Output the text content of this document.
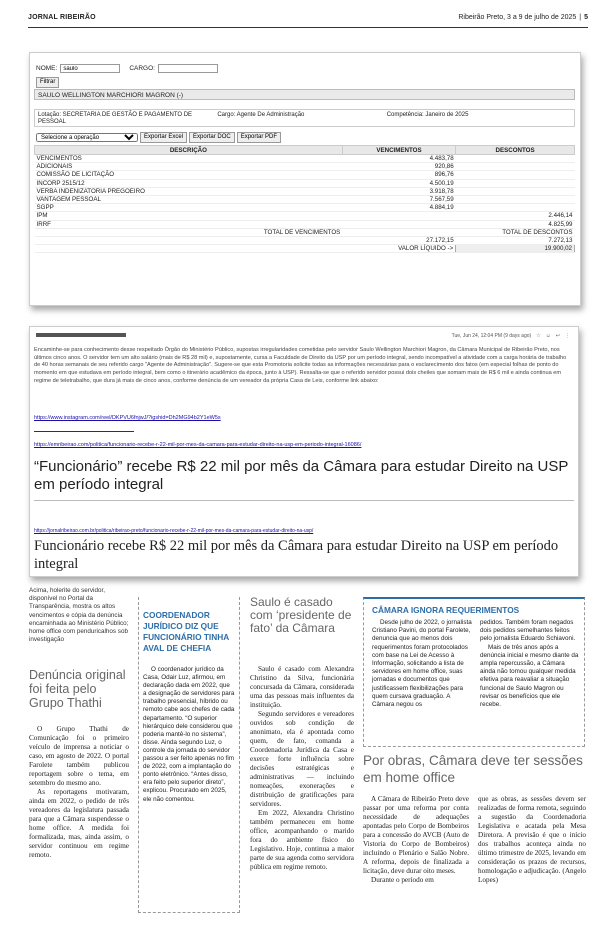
JORNAL RIBEIRÃO	Ribeirão Preto, 3 a 9 de julho de 2025 | 5
NOME:
saulo	CARGO:
Filtrar
SAULO WELLINGTON MARCHIORI MAGRON (-)
Lotação: SECRETARIA DE GESTÃO E PAGAMENTO DE PESSOAL
Cargo: Agente De Administração	Competência: Janeiro de 2025
Selecione a operação
Exportar Excel	Exportar DOC	Exportar PDF
DESCRIÇÃO	VENCIMENTOS	DESCONTOS
VENCIMENTOS	4.483,78	
ADICIONAIS	920,86	
COMISSÃO DE LICITAÇÃO	896,76	
INCORP 2515/12	4.500,19	
VERBA INDENIZATORIA PREGOEIRO	3.918,78	
VANTAGEM PESSOAL	7.567,59	
SGPP	4.884,19	
IPM		2.446,14
IRRF		4.825,99
TOTAL DE VENCIMENTOS		TOTAL DE DESCONTOS
	27.172,15	7.272,13
	VALOR LÍQUIDO ->	19.900,02
Tue, Jun 24, 12:04 PM (9 days ago) ☆ ☺ ↩ ⋮
Encaminhe-se para conhecimento desse respeitado Órgão do Ministério Público, supostas irregularidades cometidas pelo servidor Saulo Wellington Marchiori Magron, da Câmara Municipal de Ribeirão Preto, nos últimos cinco anos. O servidor tem um alto salário (mais de R$ 28 mil) e, supostamente, cursa a Faculdade de Direito da USP por um período integral, sendo incompatível a atividade com a carga horária de trabalho de 40 horas semanais de seu referido cargo "Agente de Administração". Sugere-se que esta Promotoria solicite todas as informações necessárias para o esclarecimento dos fatos (em especial folhas de ponto do momento em que estudava em período integral, bem como o itinerário acadêmico da época, junto à USP). Ressalta-se que o referido servidor possui dois cheiles que somam mais de R$ 6 mil e ainda continua em regime de teletrabalho, que dura já mais de cinco anos, conforme denúncia de um vereador da própria Casa de Leis, conforme link abaixo:
https://www.instagram.com/reel/DKPVU6fnjwJ/?igshid=Dh2MG94b2Y1eW5s
https://emribeirao.com/politica/funcionario-recebe-r-22-mil-por-mes-da-camara-para-estudar-direito-na-usp-em-periodo-integral-16086/
“Funcionário” recebe R$ 22 mil por mês da Câmara para estudar Direito na USP em período integral
https://jornalribeirao.com.br/politica/ribeirao-preto/funcionario-recebe-r-22-mil-por-mes-da-camara-para-estudar-direito-na-usp/
Funcionário recebe R$ 22 mil por mês da Câmara para estudar Direito na USP em período integral
Acima, holerite do servidor, disponível no Portal da Transparência, mostra os altos vencimentos e cópia da denúncia encaminhada ao Ministério Público; home office com penduricalhos sob investigação
Denúncia original foi feita pelo Grupo Thathi

O Grupo Thathi de Comunicação foi o primeiro veículo de imprensa a noticiar o caso, em agosto de 2022. O portal Farolete também publicou reportagem sobre o tema, em setembro do mesmo ano.

As reportagens motivaram, ainda em 2022, o pedido de três vereadores da legislatura passada para que a Câmara suspendesse o home office. A medida foi formalizada, mas, ainda assim, o servidor continuou em regime remoto.

COORDENADOR JURÍDICO DIZ QUE FUNCIONÁRIO TINHA AVAL DE CHEFIA
O coordenador jurídico da Casa, Odair Luz, afirmou, em declaração dada em 2022, que a designação de servidores para trabalho presencial, híbrido ou remoto cabe aos chefes de cada departamento. “O superior hierárquico dele considerou que poderia mantê-lo no sistema”, disse. Ainda segundo Luz, o controle da jornada do servidor passou a ser feito apenas no fim de 2022, com a implantação do ponto eletrônico. “Antes disso, era feito pelo superior direto”, explicou. Procurado em 2025, ele não comentou.
Saulo é casado com ‘presidente de fato’ da Câmara

Saulo é casado com Alexandra Christino da Silva, funcionária concursada da Câmara, considerada uma das pessoas mais influentes da instituição.

Segundo servidores e vereadores ouvidos sob condição de anonimato, ela é apontada como quem, de fato, comanda a Coordenadoria Jurídica da Casa e exerce forte influência sobre decisões estratégicas e administrativas — incluindo nomeações, exonerações e distribuição de gratificações para servidores.

Em 2022, Alexandra Christino também permaneceu em home office, acompanhando o marido fora do ambiente físico do Legislativo. Hoje, continua a maior parte de sua agenda como servidora pública em regime remoto.

CÂMARA IGNORA REQUERIMENTOS
Desde julho de 2022, o jornalista Cristiano Pavini, do portal Farolete, denuncia que ao menos dois requerimentos foram protocolados com base na Lei de Acesso à Informação, solicitando a lista de servidores em home office, suas jornadas e documentos que justificassem flexibilizações para quem cursava graduação. A Câmara negou os

pedidos. Também foram negados dois pedidos semelhantes feitos pelo jornalista Eduardo Schiavoni.

Mais de três anos após a denúncia inicial e mesmo diante da ampla repercussão, a Câmara ainda não tomou qualquer medida efetiva para reavaliar a situação funcional de Saulo Magron ou revisar os benefícios que ele recebe.

Por obras, Câmara deve ter sessões em home office

A Câmara de Ribeirão Preto deve passar por uma reforma por conta necessidade de adequações apontadas pelo Corpo de Bombeiros para a concessão do AVCB (Auto de Vistoria do Corpo de Bombeiros) incluindo o Plenário e Salão Nobre. A reforma, depois de finalizada a licitação, deve durar oito meses.

Durante o período em

que as obras, as sessões devem ser realizadas de forma remota, seguindo a sugestão da Coordenadoria Legislativa e acatada pela Mesa Diretora. A previsão é que o início dos trabalhos aconteça ainda no último trimestre de 2025, levando em consideração os prazos de recursos, homologação e adjudicação. (Angelo Lopes)
